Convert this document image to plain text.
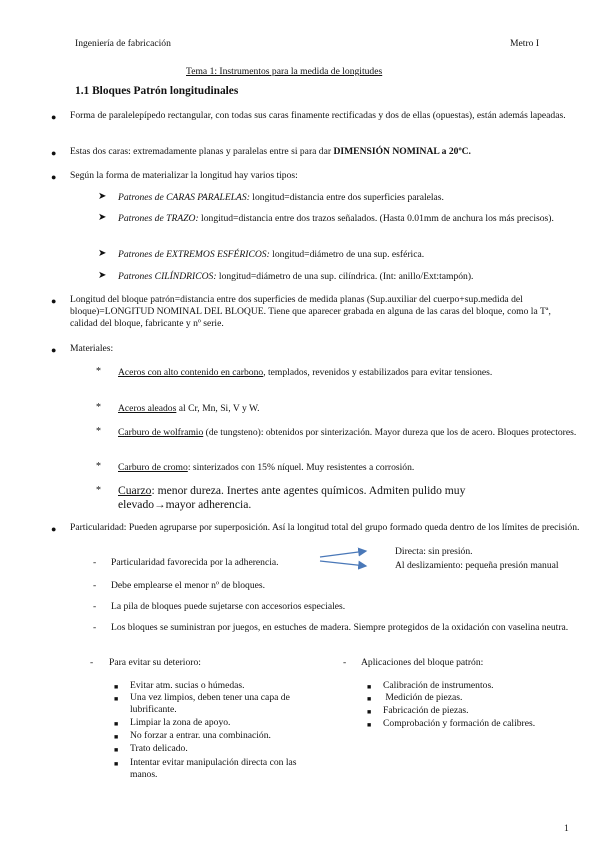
Ingeniería de fabricación	Metro I
Tema 1: Instrumentos para la medida de longitudes
1.1 Bloques Patrón longitudinales
● Forma de paralelepípedo rectangular, con todas sus caras finamente rectificadas y dos de ellas (opuestas), están además lapeadas.
● Estas dos caras: extremadamente planas y paralelas entre si para dar DIMENSIÓN NOMINAL a 20ºC.
● Según la forma de materializar la longitud hay varios tipos:
➤ Patrones de CARAS PARALELAS: longitud=distancia entre dos superficies paralelas.
➤ Patrones de TRAZO: longitud=distancia entre dos trazos señalados. (Hasta 0.01mm de anchura los más precisos).
➤ Patrones de EXTREMOS ESFÉRICOS: longitud=diámetro de una sup. esférica.
➤ Patrones CILÍNDRICOS: longitud=diámetro de una sup. cilíndrica. (Int: anillo/Ext:tampón).
● Longitud del bloque patrón=distancia entre dos superficies de medida planas (Sup.auxiliar del cuerpo+sup.medida del bloque)=LONGITUD NOMINAL DEL BLOQUE. Tiene que aparecer grabada en alguna de las caras del bloque, como la Tª, calidad del bloque, fabricante y nº serie.
● Materiales:
* Aceros con alto contenido en carbono, templados, revenidos y estabilizados para evitar tensiones.
* Aceros aleados al Cr, Mn, Si, V y W.
* Carburo de wolframio (de tungsteno): obtenidos por sinterización. Mayor dureza que los de acero. Bloques protectores.
* Carburo de cromo: sinterizados con 15% níquel. Muy resistentes a corrosión.
* Cuarzo: menor dureza. Inertes ante agentes químicos. Admiten pulido muy elevado→mayor adherencia.
● Particularidad: Pueden agruparse por superposición. Así la longitud total del grupo formado queda dentro de los límites de precisión.
- Particularidad favorecida por la adherencia.
Directa: sin presión.
Al deslizamiento: pequeña presión manual
- Debe emplearse el menor nº de bloques.
- La pila de bloques puede sujetarse con accesorios especiales.
- Los bloques se suministran por juegos, en estuches de madera. Siempre protegidos de la oxidación con vaselina neutra.
- Para evitar su deterioro:
■ Evitar atm. sucias o húmedas.
■ Una vez limpios, deben tener una capa de lubrificante.
■ Limpiar la zona de apoyo.
■ No forzar a entrar. una combinación.
■ Trato delicado.
■ Intentar evitar manipulación directa con las manos.
- Aplicaciones del bloque patrón:
■ Calibración de instrumentos.
■ Medición de piezas.
■ Fabricación de piezas.
■ Comprobación y formación de calibres.
1
